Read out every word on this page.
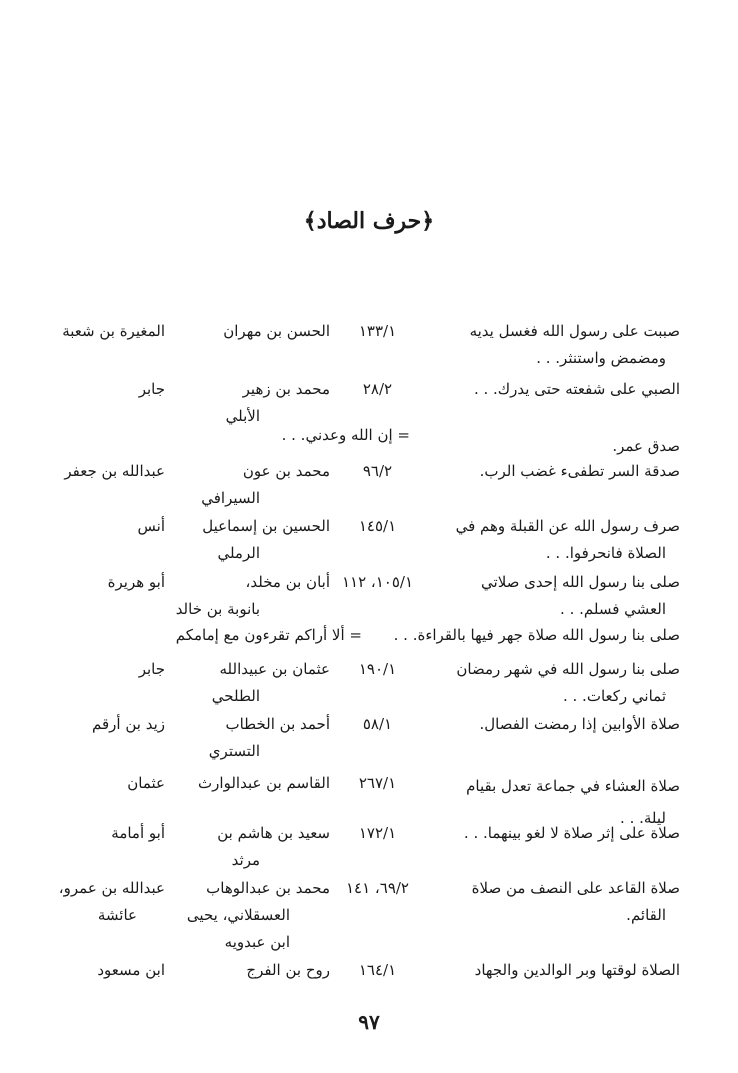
﴿حرف الصاد﴾
صببت على رسول الله فغسل يديه
ومضمض واستنثر. . .
١٣٣/١
الحسن بن مهران
المغيرة بن شعبة
الصبي على شفعته حتى يدرك. . .
٢٨/٢
محمد بن زهير
الأبلي
جابر
صدق عمر.
= إن الله وعدني. . .
صدقة السر تطفىء غضب الرب.
٩٦/٢
محمد بن عون
السيرافي
عبدالله بن جعفر
صرف رسول الله عن القبلة وهم في
الصلاة فانحرفوا. . .
١٤٥/١
الحسين بن إسماعيل
الرملي
أنس
صلى بنا رسول الله إحدى صلاتي
العشي فسلم. . .
١٠٥/١، ١١٢
أبان بن مخلد،
بانوبة بن خالد
أبو هريرة
صلى بنا رسول الله صلاة جهر فيها بالقراءة. . .
= ألا أراكم تقرءون مع إمامكم
صلى بنا رسول الله في شهر رمضان
ثماني ركعات. . .
١٩٠/١
عثمان بن عبيدالله
الطلحي
جابر
صلاة الأوابين إذا رمضت الفصال.
٥٨/١
أحمد بن الخطاب
التستري
زيد بن أرقم
صلاة العشاء في جماعة تعدل بقيام
ليلة. . .
٢٦٧/١
القاسم بن عبدالوارث
عثمان
صلاة على إثر صلاة لا لغو بينهما. . .
١٧٢/١
سعيد بن هاشم بن
مرثد
أبو أمامة
صلاة القاعد على النصف من صلاة
القائم.
٦٩/٢، ١٤١
محمد بن عبدالوهاب
العسقلاني، يحيى
ابن عبدويه
عبدالله بن عمرو،
عائشة
الصلاة لوقتها وبر الوالدين والجهاد
١٦٤/١
روح بن الفرج
ابن مسعود
٩٧
